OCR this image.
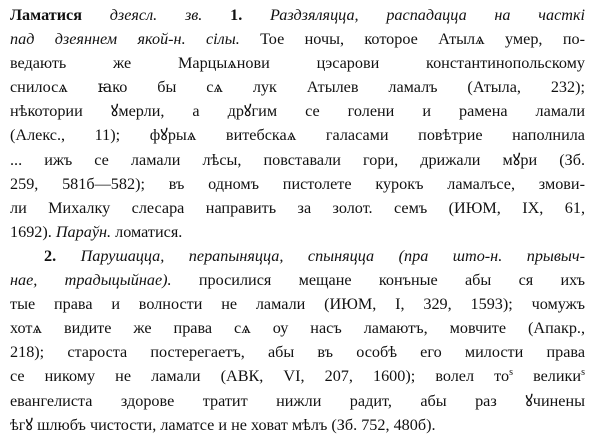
Ламатися дзеясл. зв. 1. Раздзяляцца, распадацца на часткі
пад дзеяннем якой-н. сілы. Тое ночы, которое Атылѧ умер, по-
ведають же Марцыѧнови цэсарови константинопольскому
снилосѧ ꙗко бы сѧ лук Атылев ламалъ (Атыла, 232);
нѣкотории ꙋмерли, а дрꙋгим се голени и рамена ламали
(Алекс., 11); фꙋрыѧ витебскаѧ галасами повѣтрие наполнила
... ижъ се ламали лѣсы, повставали гори, дрижали мꙋри (Зб.
259, 581б—582); въ одномъ пистолете курокъ ламалъсе, змови-
ли Михалку слесара направить за золот. семъ (ИЮМ, IX, 61,
1692). Параўн. ломатися.
2. Парушацца, перапыняцца, спыняцца (пра што-н. прывыч-
нае, традыцыйнае). просилися мещане конъные абы ся ихъ
тые права и волности не ламали (ИЮМ, I, 329, 1593); чомужъ
хотѧ видите же права сѧ оу насъ ламаютъ, мовчите (Апакр.,
218); староста постерегаетъ, абы въ особѣ его милости права
се никому не ламали (АВК, VI, 207, 1600); волел $то^s$ велики$^s$
евангелиста здорове тратит нижли радит, абы раз ꙋчинены
ѣгꙋ шлюбъ чистости, ламатсе и не ховат мѣлъ (Зб. 752, 480б).
